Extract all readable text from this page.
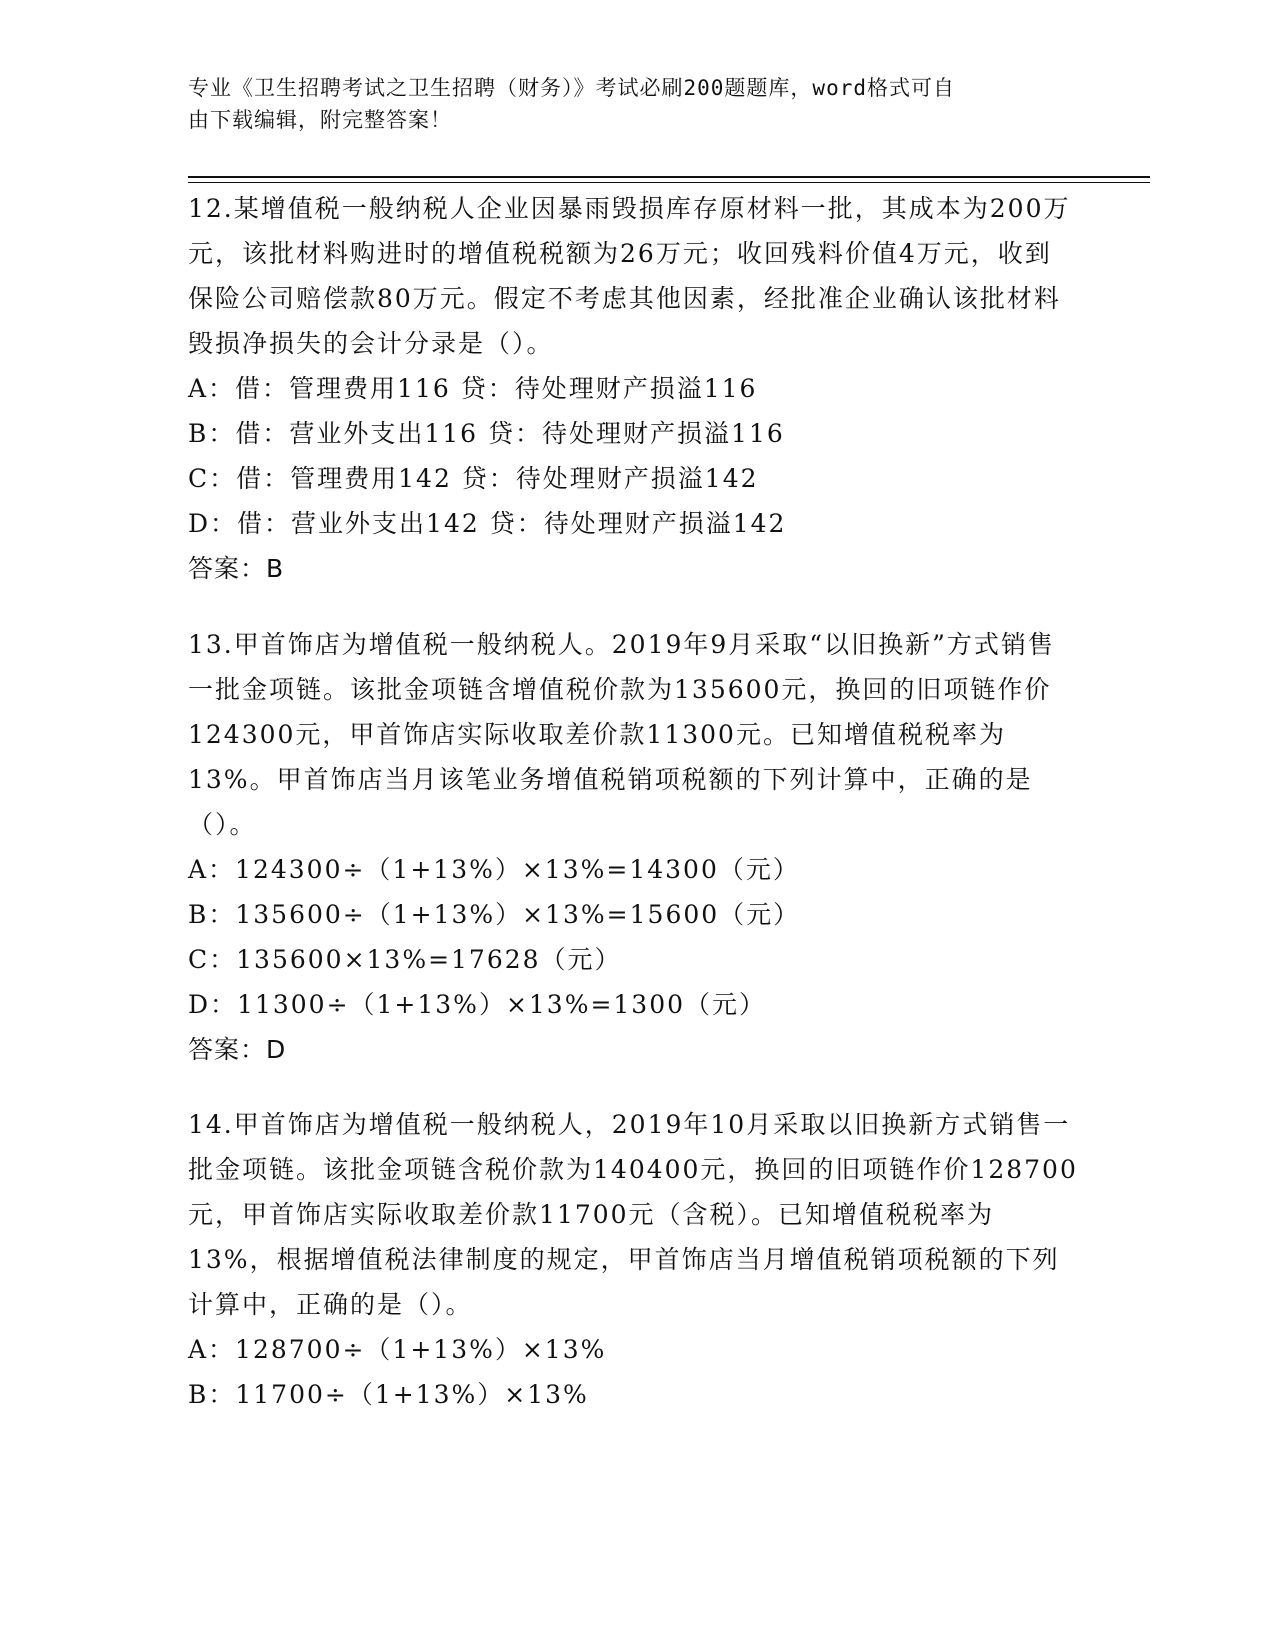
专业《卫生招聘考试之卫生招聘（财务）》考试必刷200题题库，word格式可自
由下载编辑，附完整答案！
12.某增值税一般纳税人企业因暴雨毁损库存原材料一批，其成本为200万元，该批材料购进时的增值税税额为26万元；收回残料价值4万元，收到保险公司赔偿款80万元。假定不考虑其他因素，经批准企业确认该批材料毁损净损失的会计分录是（）。
A：借：管理费用116 贷：待处理财产损溢116
B：借：营业外支出116 贷：待处理财产损溢116
C：借：管理费用142 贷：待处理财产损溢142
D：借：营业外支出142 贷：待处理财产损溢142
答案：B
13.甲首饰店为增值税一般纳税人。2019年9月采取“以旧换新”方式销售一批金项链。该批金项链含增值税价款为135600元，换回的旧项链作价124300元，甲首饰店实际收取差价款11300元。已知增值税税率为13%。甲首饰店当月该笔业务增值税销项税额的下列计算中，正确的是（）。
A：124300÷（1+13%）×13%=14300（元）
B：135600÷（1+13%）×13%=15600（元）
C：135600×13%=17628（元）
D：11300÷（1+13%）×13%=1300（元）
答案：D
14.甲首饰店为增值税一般纳税人，2019年10月采取以旧换新方式销售一批金项链。该批金项链含税价款为140400元，换回的旧项链作价128700元，甲首饰店实际收取差价款11700元（含税）。已知增值税税率为13%，根据增值税法律制度的规定，甲首饰店当月增值税销项税额的下列计算中，正确的是（）。
A：128700÷（1+13%）×13%
B：11700÷（1+13%）×13%
